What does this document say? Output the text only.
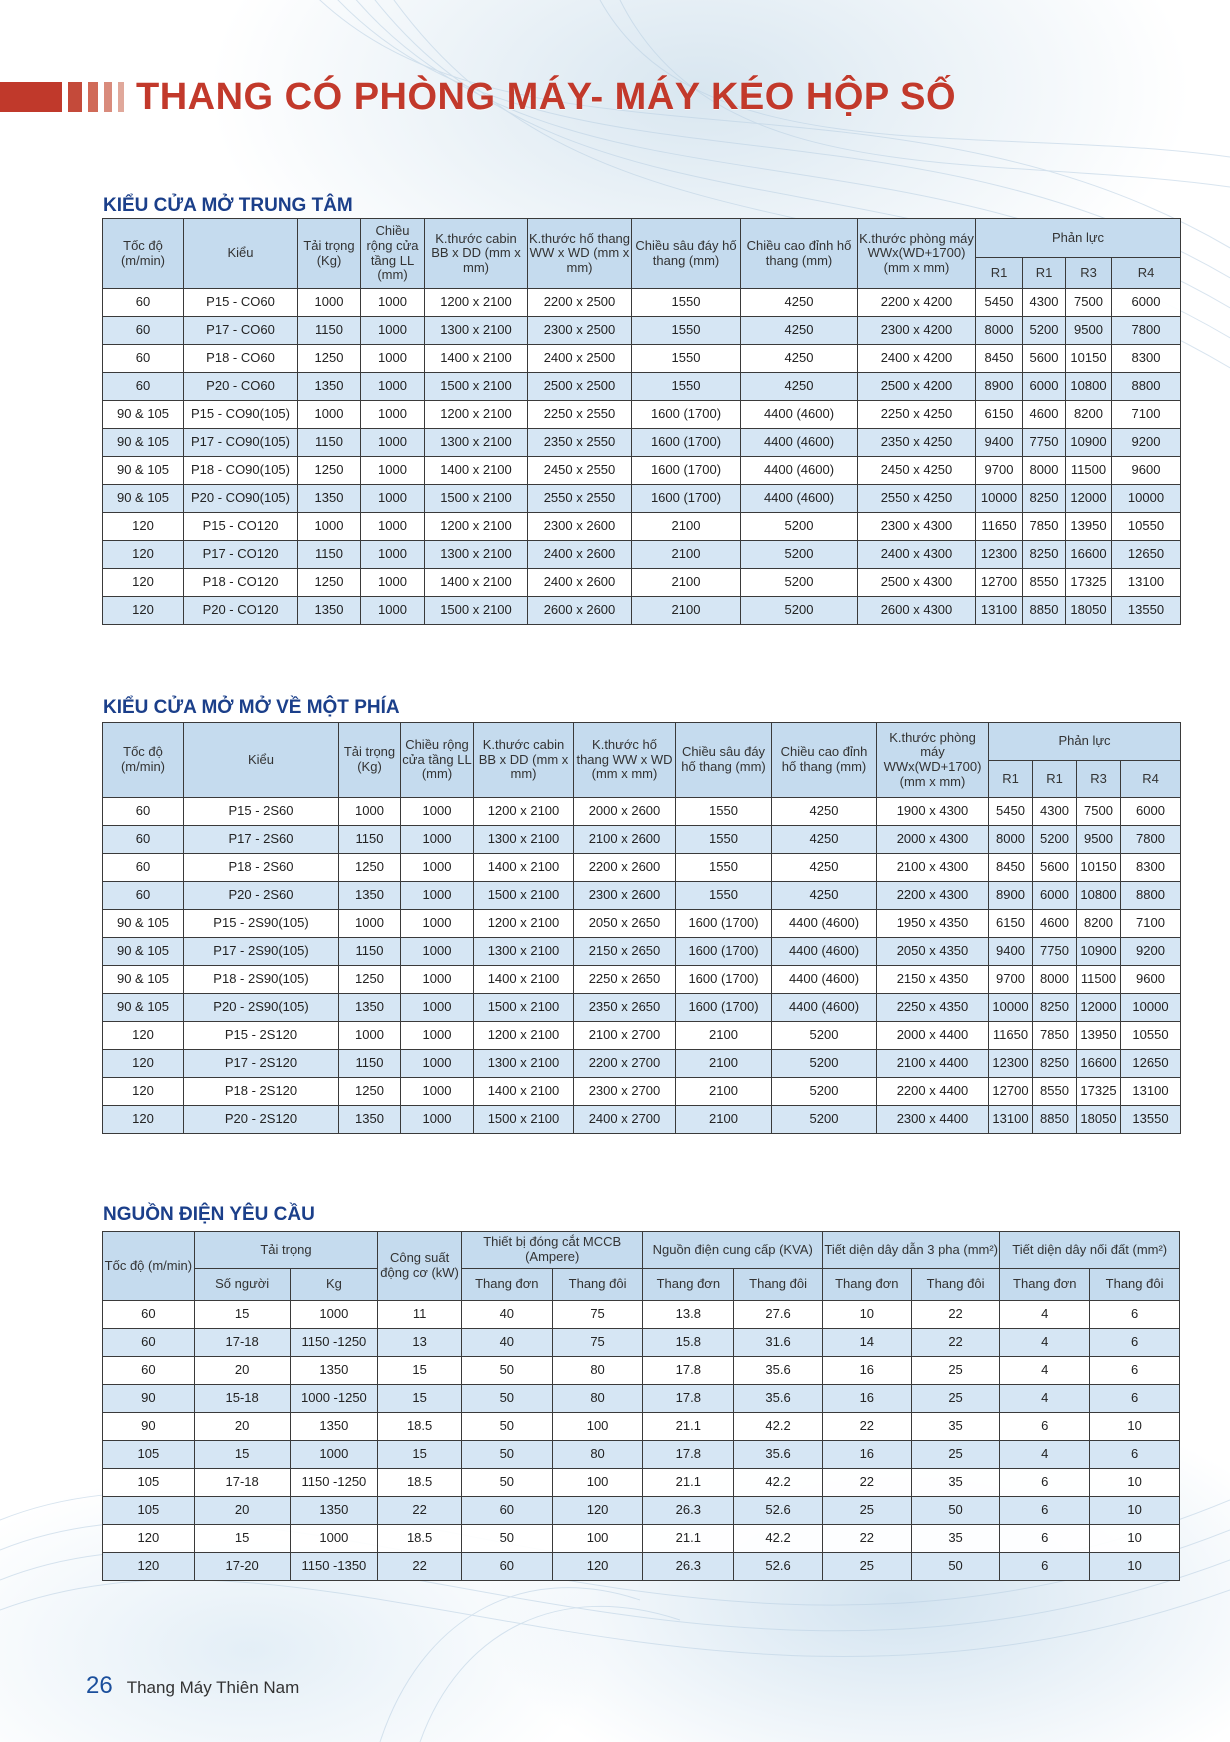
THANG CÓ PHÒNG MÁY- MÁY KÉO HỘP SỐ
KIỂU CỬA MỞ TRUNG TÂM
Tốc độ (m/min)	Kiểu	Tải trọng (Kg)	Chiều rộng cửa tầng LL (mm)	K.thước cabin BB x DD (mm x mm)	K.thước hố thang WW x WD (mm x mm)	Chiều sâu đáy hố thang (mm)	Chiều cao đỉnh hố thang (mm)	K.thước phòng máy WWx(WD+1700) (mm x mm)	Phản lực			
									R1	R1	R3	R4
60	P15 - CO60	1000	1000	1200 x 2100	2200 x 2500	1550	4250	2200 x 4200	5450	4300	7500	6000
60	P17 - CO60	1150	1000	1300 x 2100	2300 x 2500	1550	4250	2300 x 4200	8000	5200	9500	7800
60	P18 - CO60	1250	1000	1400 x 2100	2400 x 2500	1550	4250	2400 x 4200	8450	5600	10150	8300
60	P20 - CO60	1350	1000	1500 x 2100	2500 x 2500	1550	4250	2500 x 4200	8900	6000	10800	8800
90 & 105	P15 - CO90(105)	1000	1000	1200 x 2100	2250 x 2550	1600 (1700)	4400 (4600)	2250 x 4250	6150	4600	8200	7100
90 & 105	P17 - CO90(105)	1150	1000	1300 x 2100	2350 x 2550	1600 (1700)	4400 (4600)	2350 x 4250	9400	7750	10900	9200
90 & 105	P18 - CO90(105)	1250	1000	1400 x 2100	2450 x 2550	1600 (1700)	4400 (4600)	2450 x 4250	9700	8000	11500	9600
90 & 105	P20 - CO90(105)	1350	1000	1500 x 2100	2550 x 2550	1600 (1700)	4400 (4600)	2550 x 4250	10000	8250	12000	10000
120	P15 - CO120	1000	1000	1200 x 2100	2300 x 2600	2100	5200	2300 x 4300	11650	7850	13950	10550
120	P17 - CO120	1150	1000	1300 x 2100	2400 x 2600	2100	5200	2400 x 4300	12300	8250	16600	12650
120	P18 - CO120	1250	1000	1400 x 2100	2400 x 2600	2100	5200	2500 x 4300	12700	8550	17325	13100
120	P20 - CO120	1350	1000	1500 x 2100	2600 x 2600	2100	5200	2600 x 4300	13100	8850	18050	13550
KIỂU CỬA MỞ MỞ VỀ MỘT PHÍA
Tốc độ (m/min)	Kiểu	Tải trọng (Kg)	Chiều rộng cửa tầng LL (mm)	K.thước cabin BB x DD (mm x mm)	K.thước hố thang WW x WD (mm x mm)	Chiều sâu đáy hố thang (mm)	Chiều cao đỉnh hố thang (mm)	K.thước phòng máy WWx(WD+1700) (mm x mm)	Phản lực			
									R1	R1	R3	R4
60	P15 - 2S60	1000	1000	1200 x 2100	2000 x 2600	1550	4250	1900 x 4300	5450	4300	7500	6000
60	P17 - 2S60	1150	1000	1300 x 2100	2100 x 2600	1550	4250	2000 x 4300	8000	5200	9500	7800
60	P18 - 2S60	1250	1000	1400 x 2100	2200 x 2600	1550	4250	2100 x 4300	8450	5600	10150	8300
60	P20 - 2S60	1350	1000	1500 x 2100	2300 x 2600	1550	4250	2200 x 4300	8900	6000	10800	8800
90 & 105	P15 - 2S90(105)	1000	1000	1200 x 2100	2050 x 2650	1600 (1700)	4400 (4600)	1950 x 4350	6150	4600	8200	7100
90 & 105	P17 - 2S90(105)	1150	1000	1300 x 2100	2150 x 2650	1600 (1700)	4400 (4600)	2050 x 4350	9400	7750	10900	9200
90 & 105	P18 - 2S90(105)	1250	1000	1400 x 2100	2250 x 2650	1600 (1700)	4400 (4600)	2150 x 4350	9700	8000	11500	9600
90 & 105	P20 - 2S90(105)	1350	1000	1500 x 2100	2350 x 2650	1600 (1700)	4400 (4600)	2250 x 4350	10000	8250	12000	10000
120	P15 - 2S120	1000	1000	1200 x 2100	2100 x 2700	2100	5200	2000 x 4400	11650	7850	13950	10550
120	P17 - 2S120	1150	1000	1300 x 2100	2200 x 2700	2100	5200	2100 x 4400	12300	8250	16600	12650
120	P18 - 2S120	1250	1000	1400 x 2100	2300 x 2700	2100	5200	2200 x 4400	12700	8550	17325	13100
120	P20 - 2S120	1350	1000	1500 x 2100	2400 x 2700	2100	5200	2300 x 4400	13100	8850	18050	13550
NGUỒN ĐIỆN YÊU CẦU
Tốc độ (m/min)	Tải trọng		Công suất động cơ (kW)	Thiết bị đóng cắt MCCB (Ampere)		Nguồn điện cung cấp (KVA)		Tiết diện dây dẫn 3 pha (mm²)		Tiết diện dây nối đất (mm²)	
	Số người	Kg		Thang đơn	Thang đôi	Thang đơn	Thang đôi	Thang đơn	Thang đôi	Thang đơn	Thang đôi
60	15	1000	11	40	75	13.8	27.6	10	22	4	6
60	17-18	1150 -1250	13	40	75	15.8	31.6	14	22	4	6
60	20	1350	15	50	80	17.8	35.6	16	25	4	6
90	15-18	1000 -1250	15	50	80	17.8	35.6	16	25	4	6
90	20	1350	18.5	50	100	21.1	42.2	22	35	6	10
105	15	1000	15	50	80	17.8	35.6	16	25	4	6
105	17-18	1150 -1250	18.5	50	100	21.1	42.2	22	35	6	10
105	20	1350	22	60	120	26.3	52.6	25	50	6	10
120	15	1000	18.5	50	100	21.1	42.2	22	35	6	10
120	17-20	1150 -1350	22	60	120	26.3	52.6	25	50	6	10
26 Thang Máy Thiên Nam
